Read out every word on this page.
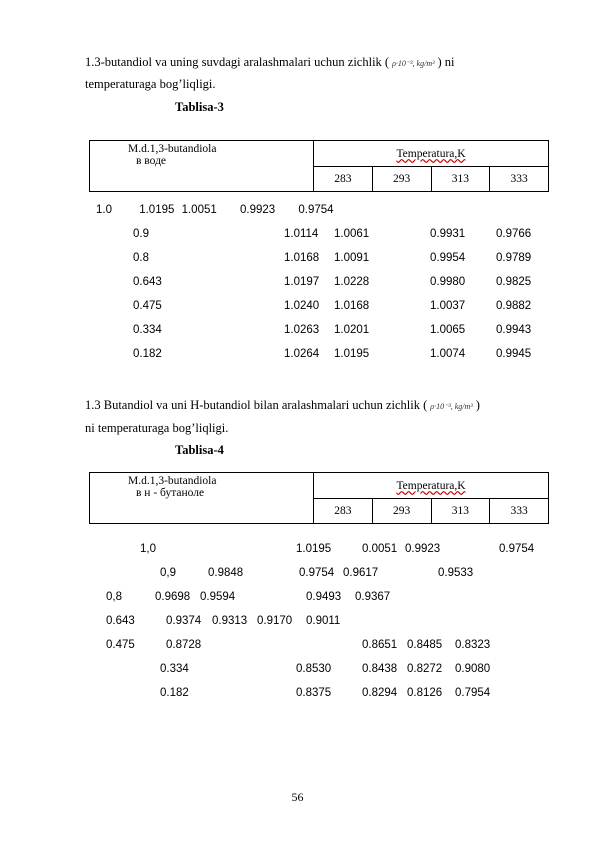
1.3-butandiol va uning suvdagi aralashmalari uchun zichlik ( ρ·10⁻³, kg/m³ ) ni
temperaturaga bog’liqligi.
Tablisa-3
M.d.1,3-butandiola
в воде	Temperatura,K			
	283	293	313	333
1.0 1.0195 1.0051 0.9923 0.9754
0.9	1.0114 1.0061	0.9931	0.9766
0.8	1.0168 1.0091	0.9954	0.9789
0.643	1.0197 1.0228	0.9980	0.9825
0.475	1.0240 1.0168	1.0037	0.9882
0.334	1.0263 1.0201	1.0065	0.9943
0.182	1.0264 1.0195	1.0074	0.9945
1.3 Butandiol va uni H-butandiol bilan aralashmalari uchun zichlik ( ρ·10⁻³, kg/m³ )
ni temperaturaga bog’liqligi.
Tablisa-4
M.d.1,3-butandiola
в н - бутаноле	Temperatura,K			
	283	293	313	333
1,0	1.0195	0.0051 0.9923	0.9754
0,9	0.9848	0.9754 0.9617	0.9533
0,8	0.9698 0.9594	0.9493 0.9367
0.643	0.9374 0.9313 0.9170 0.9011
0.475	0.8728	0.8651 0.8485 0.8323
0.334	0.8530	0.8438 0.8272 0.9080
0.182	0.8375	0.8294 0.8126 0.7954
56
